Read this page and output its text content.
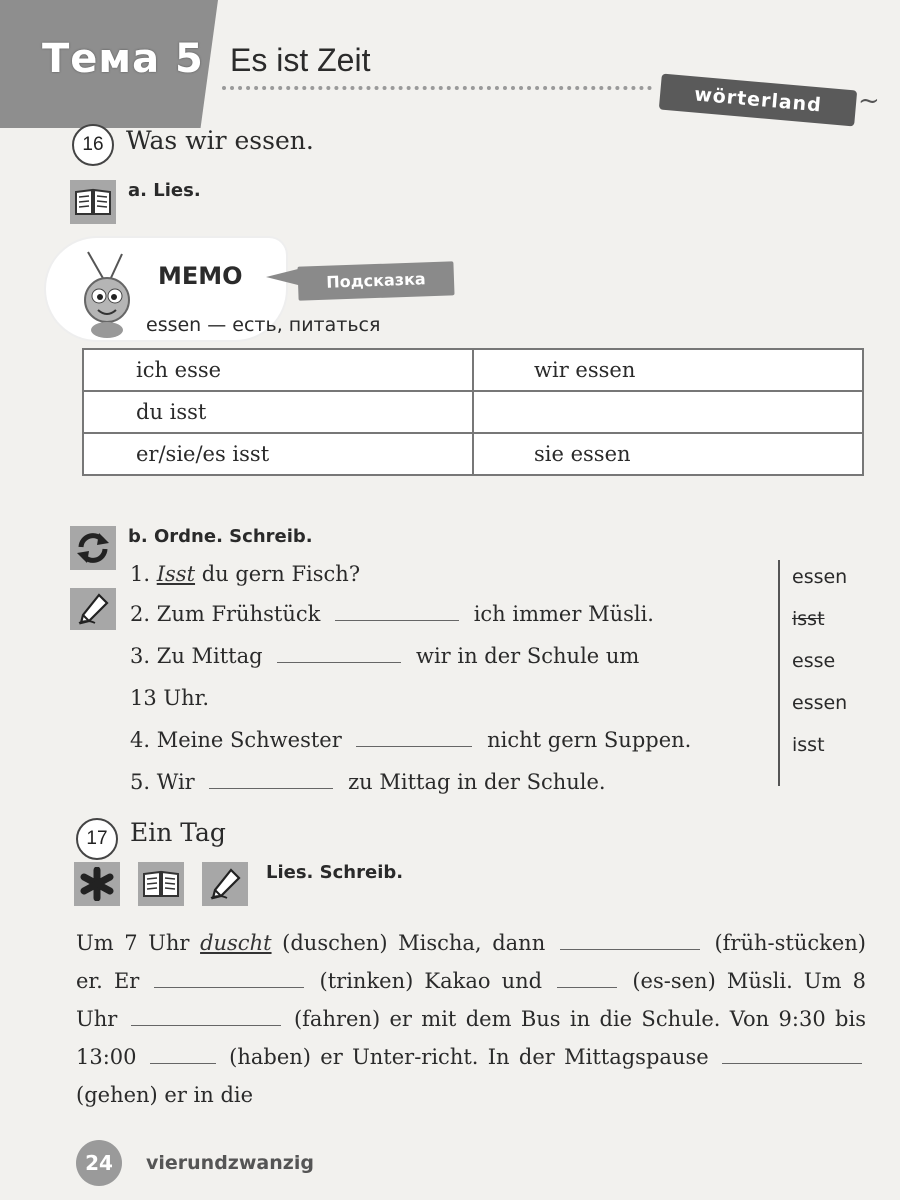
Тема 5 Es ist Zeit
wörterland	~
16 Was wir essen.
a. Lies.
MEMO	Подсказка
essen — есть, питаться
ich esse	wir essen
du isst	
er/sie/es isst	sie essen
b. Ordne. Schreib.
1. Isst du gern Fisch?
2. Zum Frühstück	ich immer Müsli.
3. Zu Mittag	wir in der Schule um
13 Uhr.
4. Meine Schwester	nicht gern Suppen.
5. Wir	zu Mittag in der Schule.
essen
isst
esse
essen
isst
17 Ein Tag
Lies. Schreib.
Um 7 Uhr duscht (duschen) Mischa, dann	(früh-stücken) er. Er	(trinken) Kakao und	(es-sen) Müsli. Um 8 Uhr	(fahren) er mit dem Bus in die Schule. Von 9:30 bis 13:00	(haben) er Unter-richt. In der Mittagspause  (gehen) er in die
24	vierundzwanzig
